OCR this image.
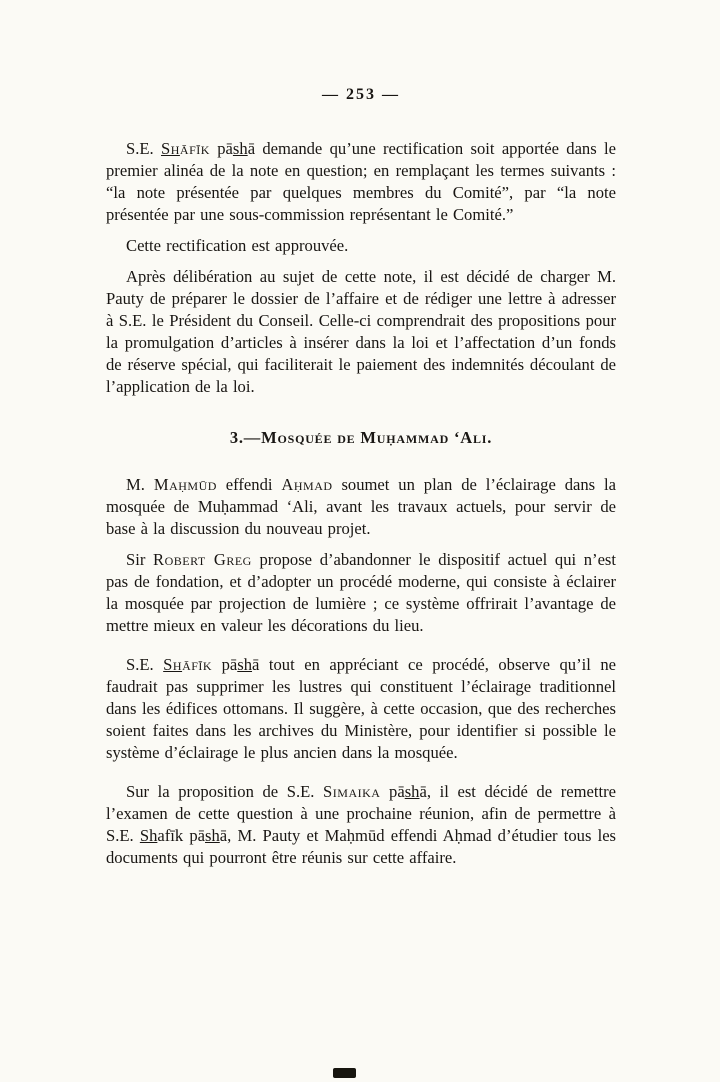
— 253 —

S.E. Shāfīk pāshā demande qu’une rectification soit apportée dans le premier alinéa de la note en question; en remplaçant les termes suivants : “la note présentée par quelques membres du Comité”, par “la note présentée par une sous-commission représentant le Comité.”

Cette rectification est approuvée.

Après délibération au sujet de cette note, il est décidé de charger M. Pauty de préparer le dossier de l’affaire et de rédiger une lettre à adresser à S.E. le Président du Conseil. Celle-ci comprendrait des propositions pour la promulgation d’articles à insérer dans la loi et l’affectation d’un fonds de réserve spécial, qui faciliterait le paiement des indemnités découlant de l’application de la loi.

3.—Mosquée de Muḥammad ‘Ali.

M. Maḥmūd effendi Aḥmad soumet un plan de l’éclairage dans la mosquée de Muḥammad ‘Ali, avant les travaux actuels, pour servir de base à la discussion du nouveau projet.

Sir Robert Greg propose d’abandonner le dispositif actuel qui n’est pas de fondation, et d’adopter un procédé moderne, qui consiste à éclairer la mosquée par projection de lumière ; ce système offrirait l’avantage de mettre mieux en valeur les décorations du lieu.

S.E. Shāfīk pāshā tout en appréciant ce procédé, observe qu’il ne faudrait pas supprimer les lustres qui constituent l’éclairage traditionnel dans les édifices ottomans. Il suggère, à cette occasion, que des recherches soient faites dans les archives du Ministère, pour identifier si possible le système d’éclairage le plus ancien dans la mosquée.

Sur la proposition de S.E. Simaika pāshā, il est décidé de remettre l’examen de cette question à une prochaine réunion, afin de permettre à S.E. Shafīk pāshā, M. Pauty et Maḥmūd effendi Aḥmad d’étudier tous les documents qui pourront être réunis sur cette affaire.
